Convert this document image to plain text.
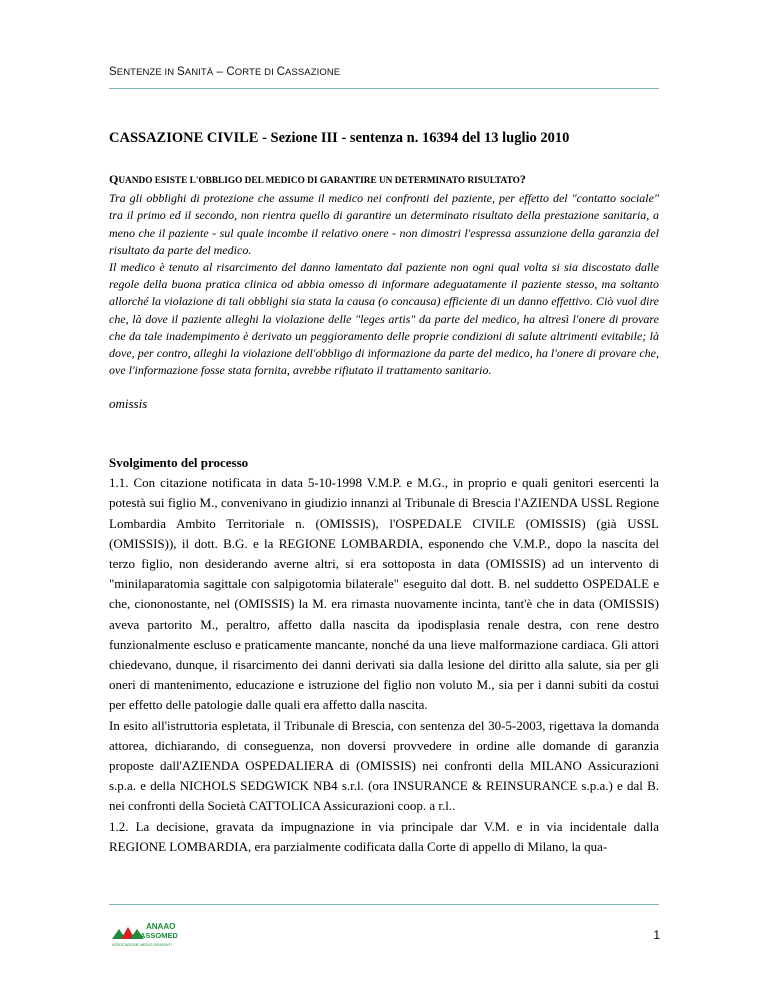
SENTENZE IN SANITÀ – CORTE DI CASSAZIONE
CASSAZIONE CIVILE - Sezione III - sentenza n. 16394 del 13 luglio 2010
QUANDO ESISTE L'OBBLIGO DEL MEDICO DI GARANTIRE UN DETERMINATO RISULTATO?

Tra gli obblighi di protezione che assume il medico nei confronti del paziente, per effetto del "contatto sociale" tra il primo ed il secondo, non rientra quello di garantire un determinato risultato della prestazione sanitaria, a meno che il paziente - sul quale incombe il relativo onere - non dimostri l'espressa assunzione della garanzia del risultato da parte del medico.

Il medico è tenuto al risarcimento del danno lamentato dal paziente non ogni qual volta si sia discostato dalle regole della buona pratica clinica od abbia omesso di informare adeguatamente il paziente stesso, ma soltanto allorché la violazione di tali obblighi sia stata la causa (o concausa) efficiente di un danno effettivo. Ciò vuol dire che, là dove il paziente alleghi la violazione delle "leges artis" da parte del medico, ha altresì l'onere di provare che da tale inadempimento è derivato un peggioramento delle proprie condizioni di salute altrimenti evitabile; là dove, per contro, alleghi la violazione dell'obbligo di informazione da parte del medico, ha l'onere di provare che, ove l'informazione fosse stata fornita, avrebbe rifiutato il trattamento sanitario.

omissis
Svolgimento del processo

1.1. Con citazione notificata in data 5-10-1998 V.M.P. e M.G., in proprio e quali genitori esercenti la potestà sui figlio M., convenivano in giudizio innanzi al Tribunale di Brescia l'AZIENDA USSL Regione Lombardia Ambito Territoriale n. (OMISSIS), l'OSPEDALE CIVILE (OMISSIS) (già USSL (OMISSIS)), il dott. B.G. e la REGIONE LOMBARDIA, esponendo che V.M.P., dopo la nascita del terzo figlio, non desiderando averne altri, si era sottoposta in data (OMISSIS) ad un intervento di "minilaparatomia sagittale con salpigotomia bilaterale" eseguito dal dott. B. nel suddetto OSPEDALE e che, ciononostante, nel (OMISSIS) la M. era rimasta nuovamente incinta, tant'è che in data (OMISSIS) aveva partorito M., peraltro, affetto dalla nascita da ipodisplasia renale destra, con rene destro funzionalmente escluso e praticamente mancante, nonché da una lieve malformazione cardiaca. Gli attori chiedevano, dunque, il risarcimento dei danni derivati sia dalla lesione del diritto alla salute, sia per gli oneri di mantenimento, educazione e istruzione del figlio non voluto M., sia per i danni subiti da costui per effetto delle patologie dalle quali era affetto dalla nascita.

In esito all'istruttoria espletata, il Tribunale di Brescia, con sentenza del 30-5-2003, rigettava la domanda attorea, dichiarando, di conseguenza, non doversi provvedere in ordine alle domande di garanzia proposte dall'AZIENDA OSPEDALIERA di (OMISSIS) nei confronti della MILANO Assicurazioni s.p.a. e della NICHOLS SEDGWICK NB4 s.r.l. (ora INSURANCE & REINSURANCE s.p.a.) e dal B. nei confronti della Società CATTOLICA Assicurazioni coop. a r.l..

1.2. La decisione, gravata da impugnazione in via principale dar V.M. e in via incidentale dalla REGIONE LOMBARDIA, era parzialmente codificata dalla Corte di appello di Milano, la qua-

ANAAO
ASSOMED
ASSOCIAZIONE MEDICI DIRIGENTI
1
